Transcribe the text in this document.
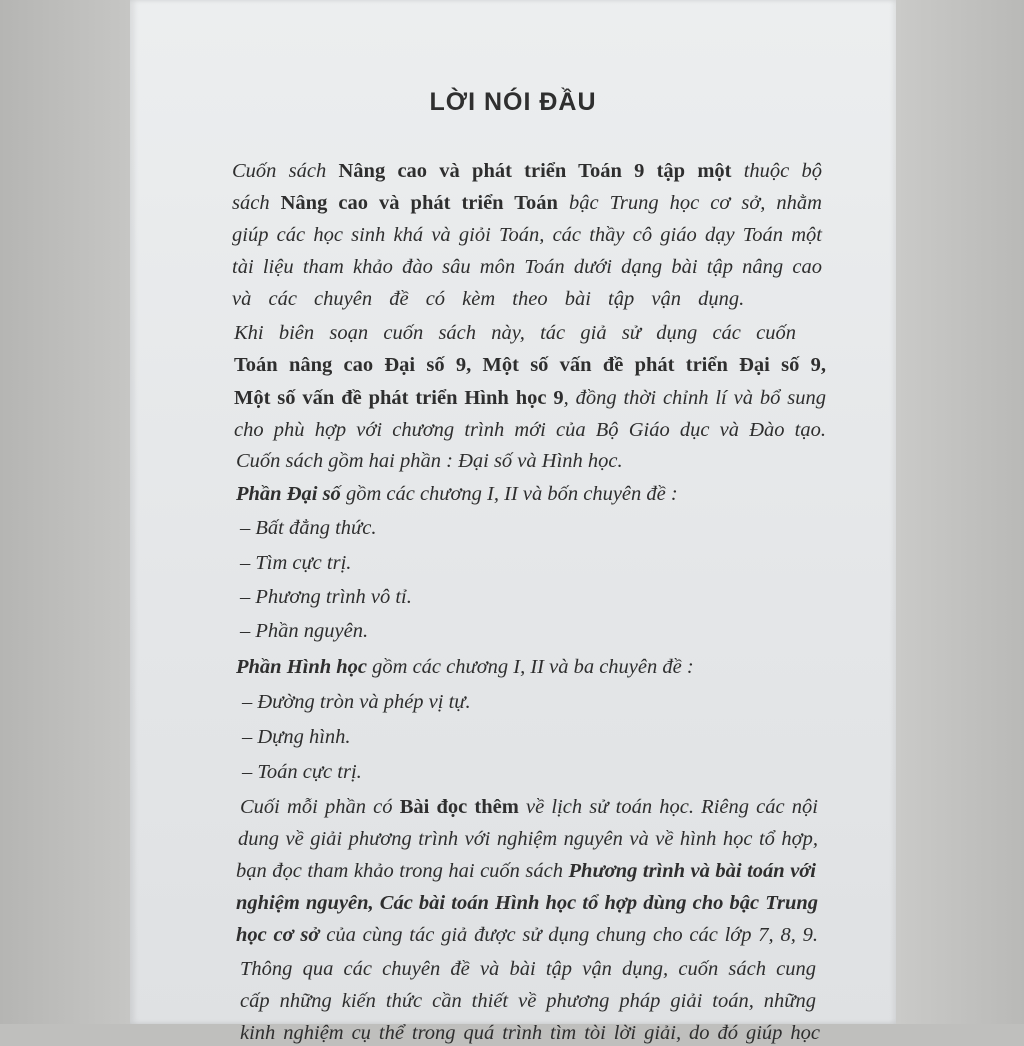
LỜI NÓI ĐẦU

Cuốn sách Nâng cao và phát triển Toán 9 tập một thuộc bộ

sách Nâng cao và phát triển Toán bậc Trung học cơ sở, nhằm

giúp các học sinh khá và giỏi Toán, các thầy cô giáo dạy Toán một

tài liệu tham khảo đào sâu môn Toán dưới dạng bài tập nâng cao

và các chuyên đề có kèm theo bài tập vận dụng.

Khi biên soạn cuốn sách này, tác giả sử dụng các cuốn

Toán nâng cao Đại số 9, Một số vấn đề phát triển Đại số 9,

Một số vấn đề phát triển Hình học 9, đồng thời chỉnh lí và bổ sung

cho phù hợp với chương trình mới của Bộ Giáo dục và Đào tạo.

Cuốn sách gồm hai phần : Đại số và Hình học.

Phần Đại số gồm các chương I, II và bốn chuyên đề :

– Bất đẳng thức.

– Tìm cực trị.

– Phương trình vô tỉ.

– Phần nguyên.

Phần Hình học gồm các chương I, II và ba chuyên đề :

– Đường tròn và phép vị tự.

– Dựng hình.

– Toán cực trị.

Cuối mỗi phần có Bài đọc thêm về lịch sử toán học. Riêng các nội

dung về giải phương trình với nghiệm nguyên và về hình học tổ hợp,

bạn đọc tham khảo trong hai cuốn sách Phương trình và bài toán với

nghiệm nguyên, Các bài toán Hình học tổ hợp dùng cho bậc Trung

học cơ sở của cùng tác giả được sử dụng chung cho các lớp 7, 8, 9.

Thông qua các chuyên đề và bài tập vận dụng, cuốn sách cung

cấp những kiến thức cần thiết về phương pháp giải toán, những

kinh nghiệm cụ thể trong quá trình tìm tòi lời giải, do đó giúp học
